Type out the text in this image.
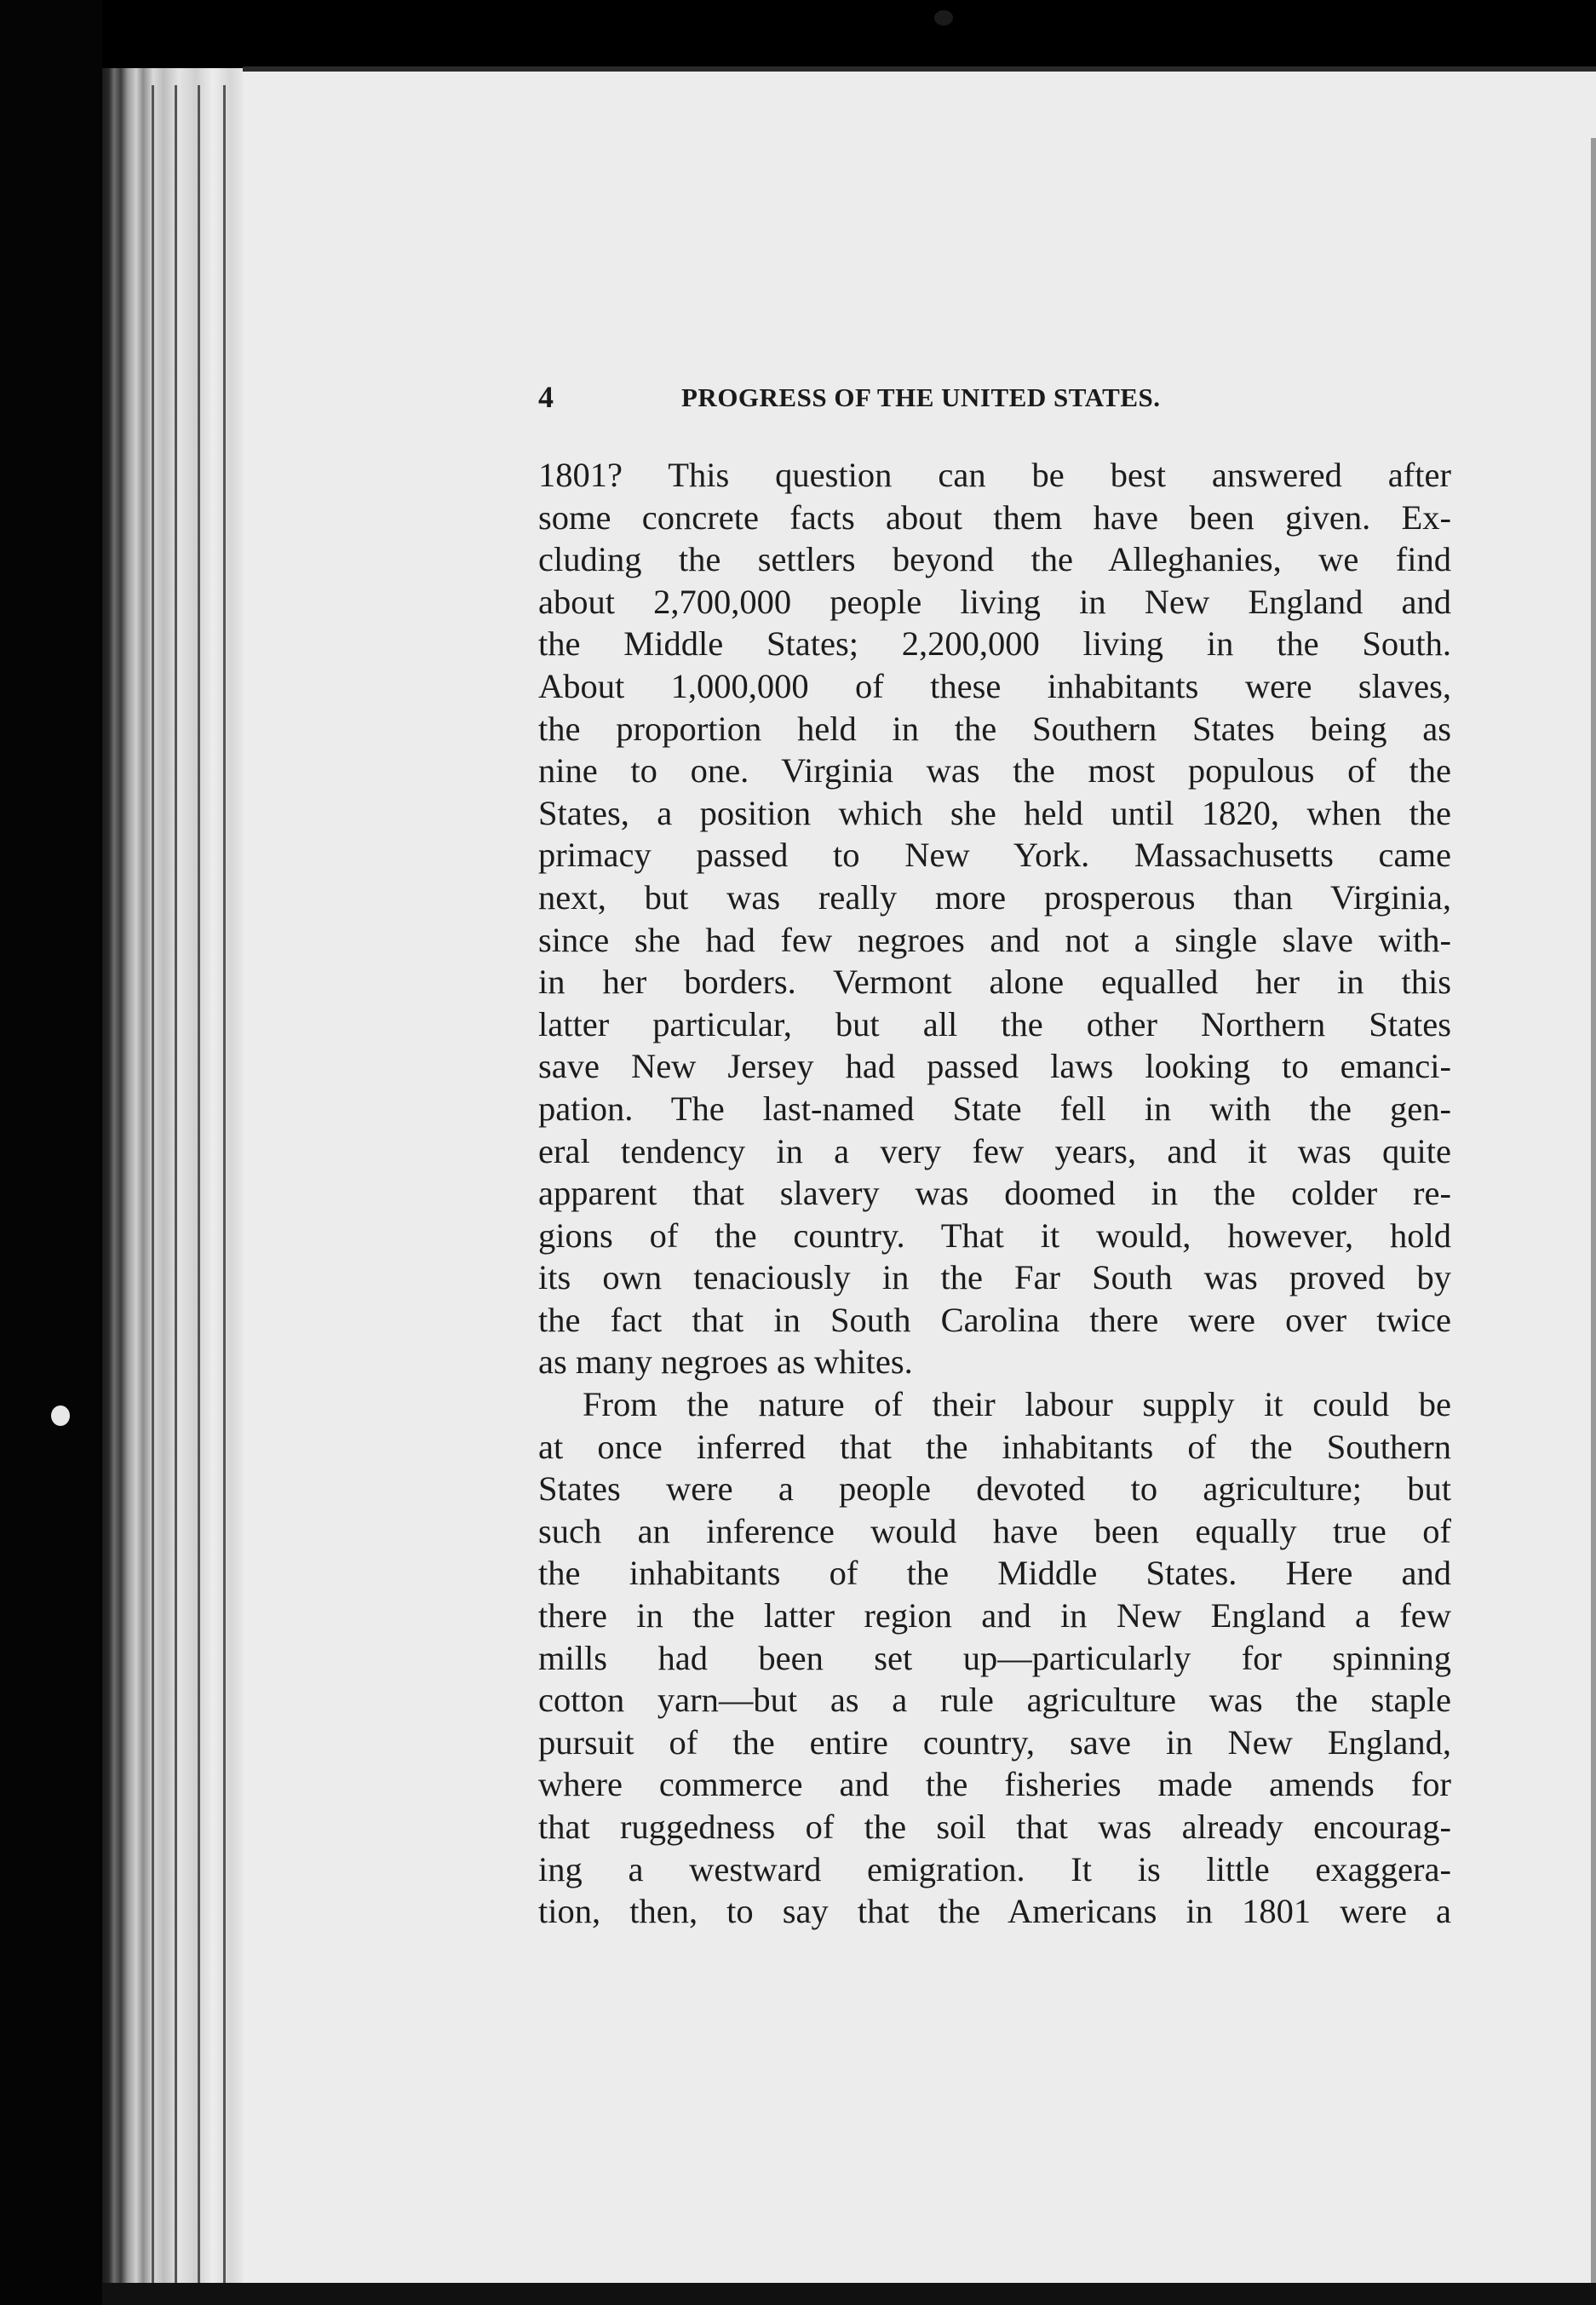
4	PROGRESS OF THE UNITED STATES.
1801? This question can be best answered after
some concrete facts about them have been given. Ex-
cluding the settlers beyond the Alleghanies, we find
about 2,700,000 people living in New England and
the Middle States; 2,200,000 living in the South.
About 1,000,000 of these inhabitants were slaves,
the proportion held in the Southern States being as
nine to one. Virginia was the most populous of the
States, a position which she held until 1820, when the
primacy passed to New York. Massachusetts came
next, but was really more prosperous than Virginia,
since she had few negroes and not a single slave with-
in her borders. Vermont alone equalled her in this
latter particular, but all the other Northern States
save New Jersey had passed laws looking to emanci-
pation. The last-named State fell in with the gen-
eral tendency in a very few years, and it was quite
apparent that slavery was doomed in the colder re-
gions of the country. That it would, however, hold
its own tenaciously in the Far South was proved by
the fact that in South Carolina there were over twice
as many negroes as whites.
From the nature of their labour supply it could be
at once inferred that the inhabitants of the Southern
States were a people devoted to agriculture; but
such an inference would have been equally true of
the inhabitants of the Middle States. Here and
there in the latter region and in New England a few
mills had been set up—particularly for spinning
cotton yarn—but as a rule agriculture was the staple
pursuit of the entire country, save in New England,
where commerce and the fisheries made amends for
that ruggedness of the soil that was already encourag-
ing a westward emigration. It is little exaggera-
tion, then, to say that the Americans in 1801 were a
